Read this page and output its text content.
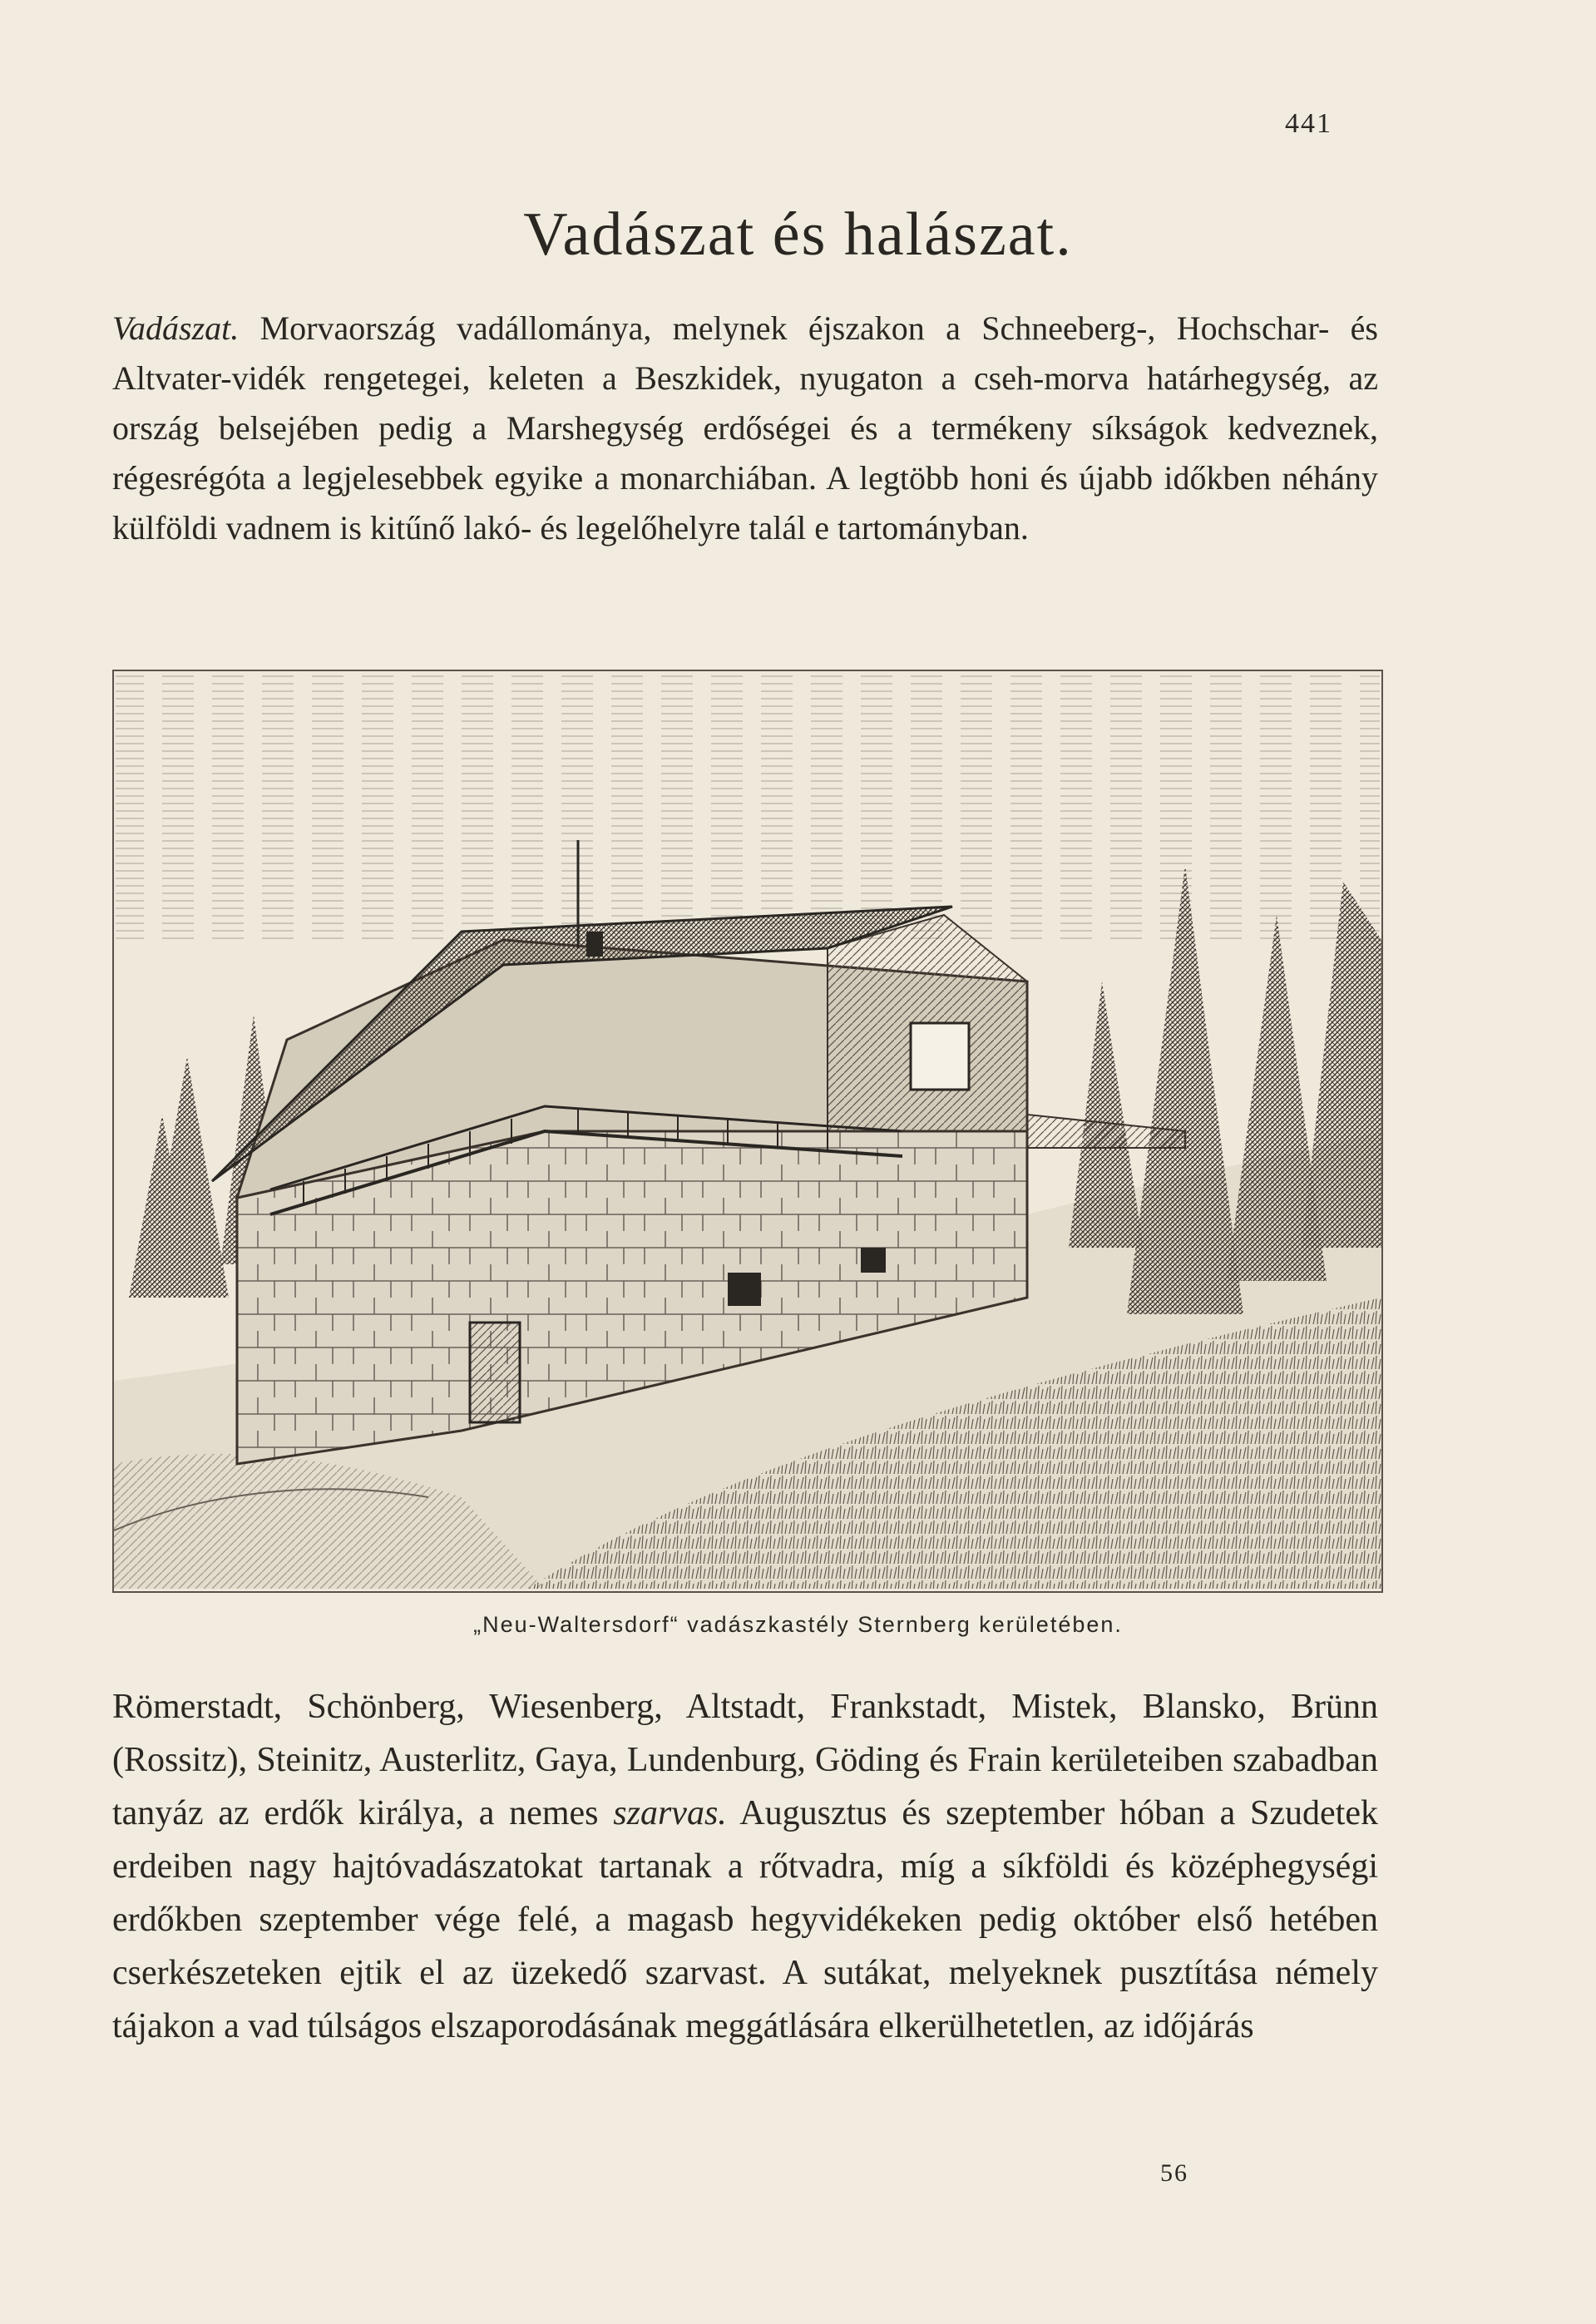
441
Vadászat és halászat.

Vadászat. Morvaország vadállománya, melynek éjszakon a Schneeberg-, Hochschar- és Altvater-vidék rengetegei, keleten a Beszkidek, nyugaton a cseh-morva határhegység, az ország belsejében pedig a Marshegység erdőségei és a termékeny síkságok kedveznek, régesrégóta a legjelesebbek egyike a monarchiában. A legtöbb honi és újabb időkben néhány külföldi vadnem is kitűnő lakó- és legelőhelyre talál e tartományban.

„Neu-Waltersdorf“ vadászkastély Sternberg kerületében.

Römerstadt, Schönberg, Wiesenberg, Altstadt, Frankstadt, Mistek, Blansko, Brünn (Rossitz), Steinitz, Austerlitz, Gaya, Lundenburg, Göding és Frain kerületeiben szabadban tanyáz az erdők királya, a nemes szarvas. Augusztus és szeptember hóban a Szudetek erdeiben nagy hajtóvadászatokat tartanak a rőtvadra, míg a síkföldi és középhegységi erdőkben szeptember vége felé, a magasb hegyvidékeken pedig október első hetében cserkészeteken ejtik el az üzekedő szarvast. A sutákat, melyeknek pusztítása némely tájakon a vad túlságos elszaporodásának meggátlására elkerülhetetlen, az időjárás

56
